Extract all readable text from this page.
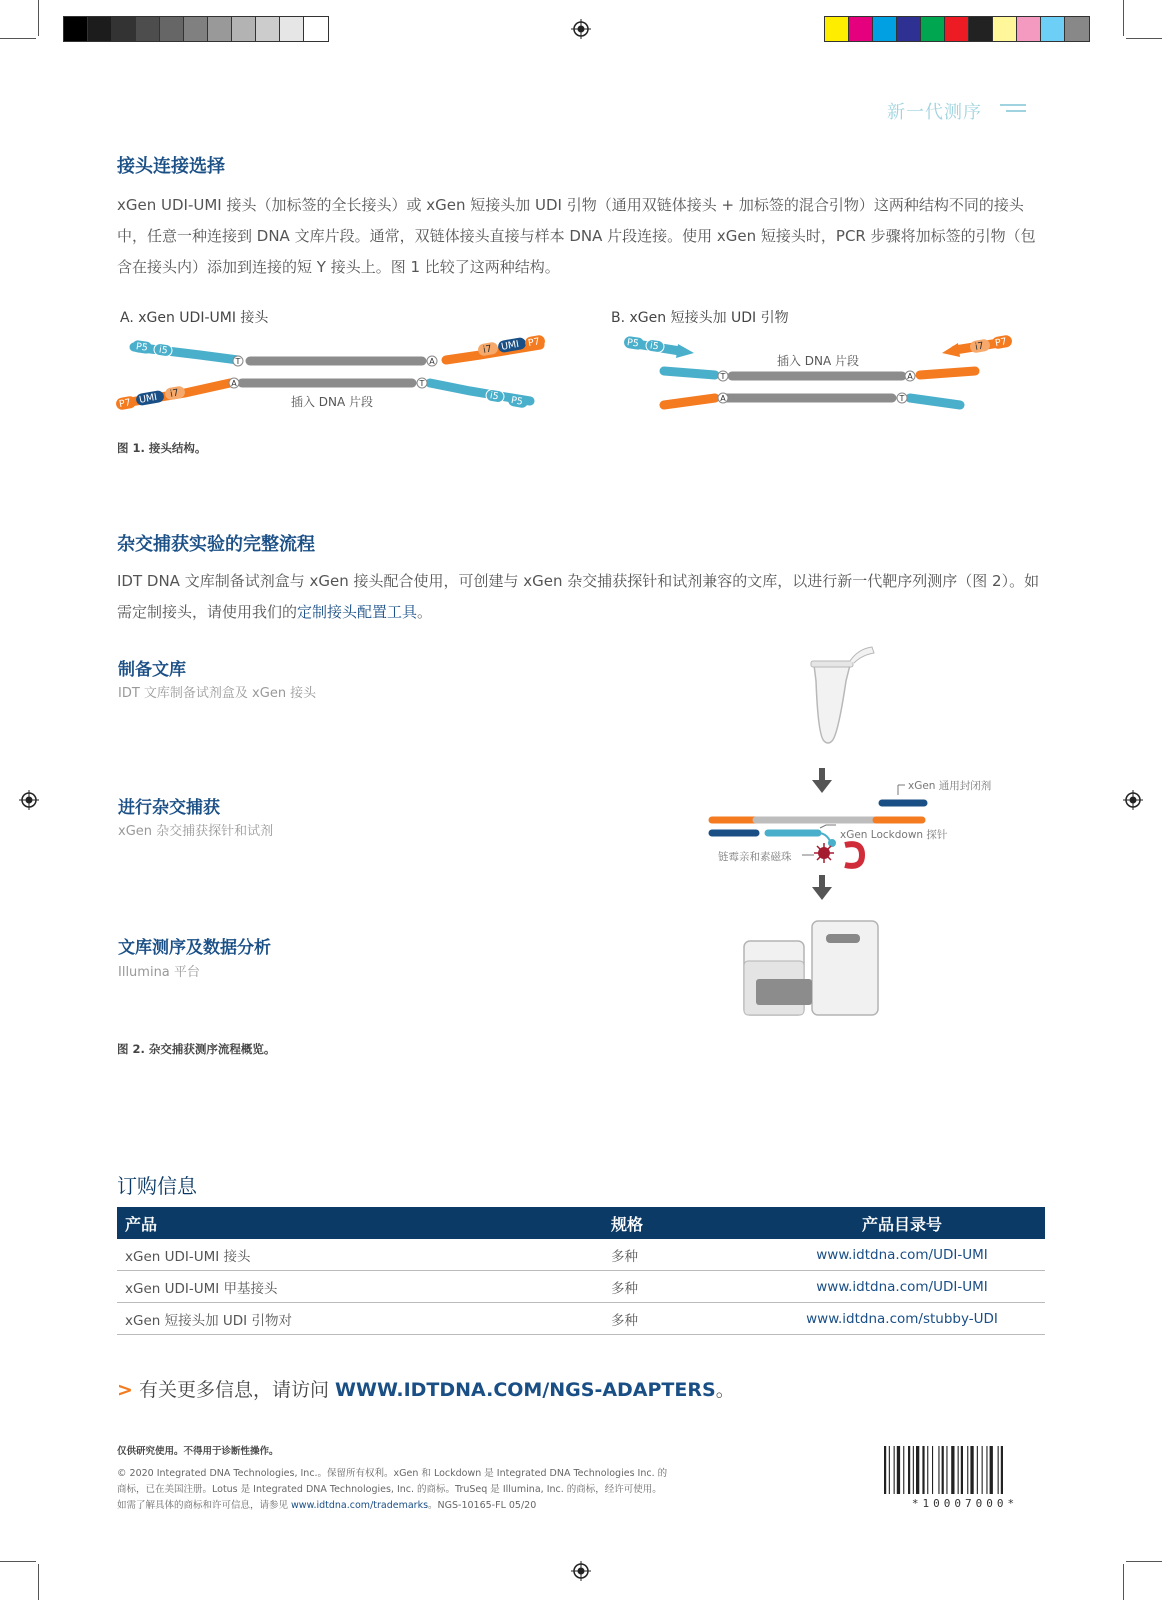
新一代测序
接头连接选择

xGen UDI-UMI 接头（加标签的全长接头）或 xGen 短接头加 UDI 引物（通用双链体接头 + 加标签的混合引物）这两种结构不同的接头中，任意一种连接到 DNA 文库片段。通常，双链体接头直接与样本 DNA 片段连接。使用 xGen 短接头时，PCR 步骤将加标签的引物（包含在接头内）添加到连接的短 Y 接头上。图 1 比较了这两种结构。

A. xGen UDI-UMI 接头	B. xGen 短接头加 UDI 引物
P5 i5	i7 UMI P7
P7 UMI i7	i5 P5
T	A
A	T
插入 DNA 片段
P5 i5	i7 P7
T	A
A	T
插入 DNA 片段
图 1. 接头结构。
杂交捕获实验的完整流程

IDT DNA 文库制备试剂盒与 xGen 接头配合使用，可创建与 xGen 杂交捕获探针和试剂兼容的文库，以进行新一代靶序列测序（图 2）。如需定制接头，请使用我们的定制接头配置工具。

制备文库
IDT 文库制备试剂盒及 xGen 接头
进行杂交捕获
xGen 杂交捕获探针和试剂
文库测序及数据分析
Illumina 平台
xGen 通用封闭剂
xGen Lockdown 探针
链霉亲和素磁珠
图 2. 杂交捕获测序流程概览。
订购信息
产品	规格	产品目录号
xGen UDI-UMI 接头	多种	www.idtdna.com/UDI-UMI
xGen UDI-UMI 甲基接头	多种	www.idtdna.com/UDI-UMI
xGen 短接头加 UDI 引物对	多种	www.idtdna.com/stubby-UDI
> 有关更多信息，请访问 WWW.IDTDNA.COM/NGS-ADAPTERS。
仅供研究使用。不得用于诊断性操作。
© 2020 Integrated DNA Technologies, Inc.。保留所有权利。xGen 和 Lockdown 是 Integrated DNA Technologies Inc. 的
商标，已在美国注册。Lotus 是 Integrated DNA Technologies, Inc. 的商标。TruSeq 是 Illumina, Inc. 的商标，经许可使用。
如需了解具体的商标和许可信息，请参见 www.idtdna.com/trademarks。NGS-10165-FL 05/20	*10007000*
